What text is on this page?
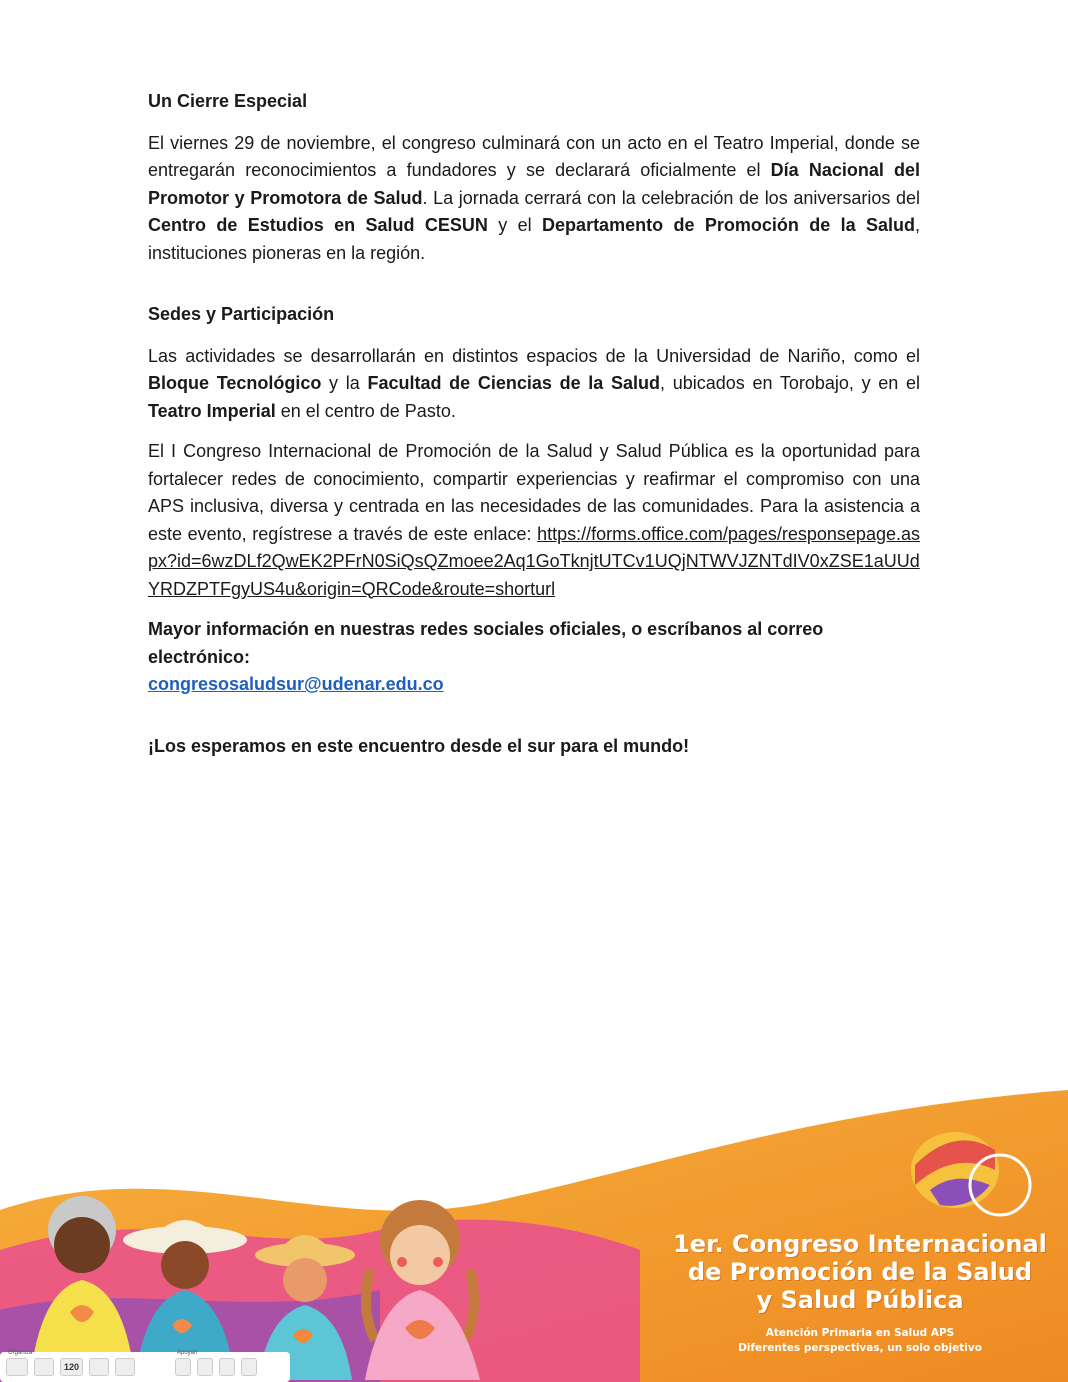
Un Cierre Especial

El viernes 29 de noviembre, el congreso culminará con un acto en el Teatro Imperial, donde se entregarán reconocimientos a fundadores y se declarará oficialmente el Día Nacional del Promotor y Promotora de Salud. La jornada cerrará con la celebración de los aniversarios del Centro de Estudios en Salud CESUN y el Departamento de Promoción de la Salud, instituciones pioneras en la región.

Sedes y Participación

Las actividades se desarrollarán en distintos espacios de la Universidad de Nariño, como el Bloque Tecnológico y la Facultad de Ciencias de la Salud, ubicados en Torobajo, y en el Teatro Imperial en el centro de Pasto.

El I Congreso Internacional de Promoción de la Salud y Salud Pública es la oportunidad para fortalecer redes de conocimiento, compartir experiencias y reafirmar el compromiso con una APS inclusiva, diversa y centrada en las necesidades de las comunidades. Para la asistencia a este evento, regístrese a través de este enlace: https://forms.office.com/pages/responsepage.aspx?id=6wzDLf2QwEK2PFrN0SiQsQZmoee2Aq1GoTknjtUTCv1UQjNTWVJZNTdIV0xZSE1aUUdYRDZPTFgyUS4u&origin=QRCode&route=shorturl

Mayor información en nuestras redes sociales oficiales, o escríbanos al correo electrónico:

congresosaludsur@udenar.edu.co

¡Los esperamos en este encuentro desde el sur para el mundo!

1er. Congreso Internacional
de Promoción de la Salud
y Salud Pública
Atención Primaria en Salud APS
Diferentes perspectivas, un solo objetivo
Organiza
120
Apoyan
